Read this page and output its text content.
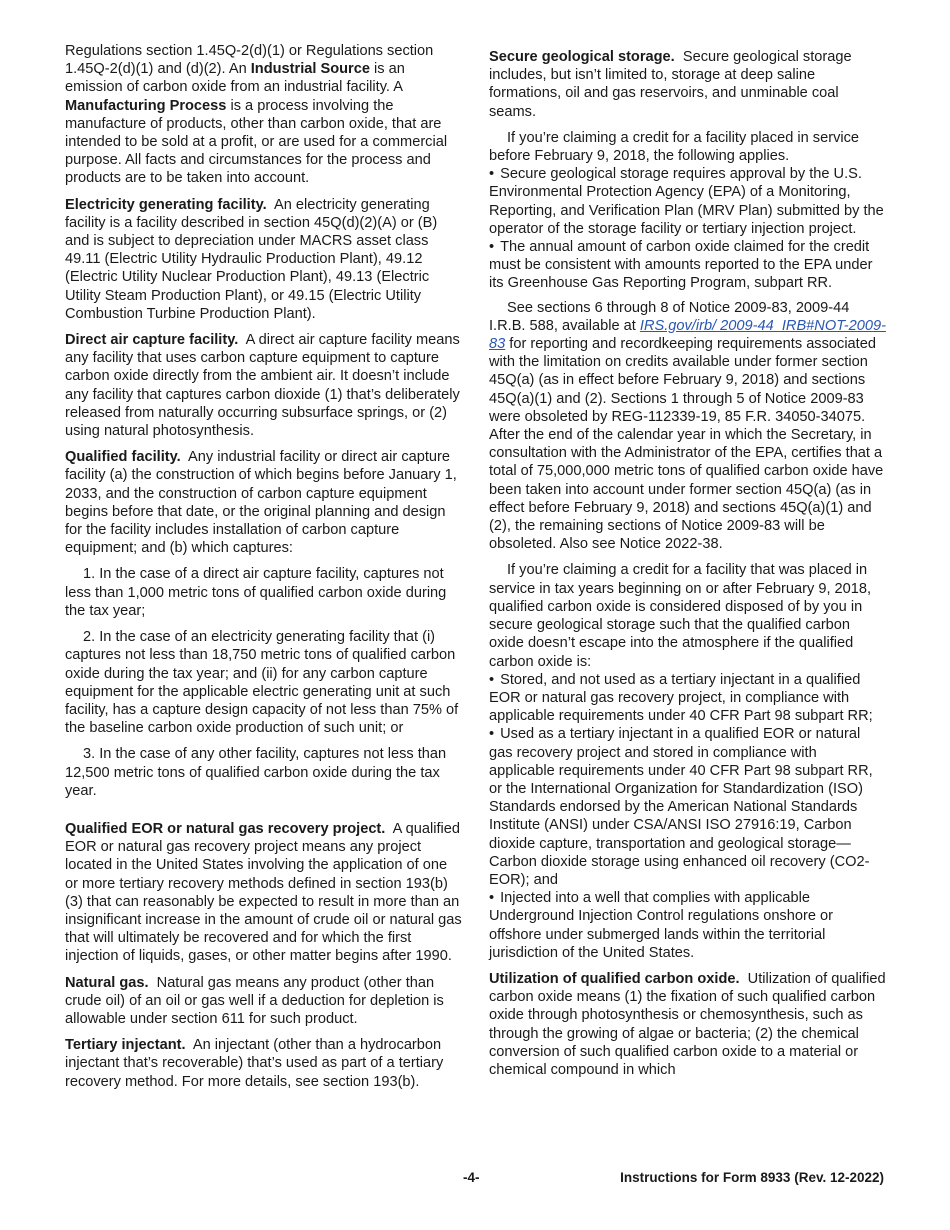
Regulations section 1.45Q-2(d)(1) or Regulations section 1.45Q-2(d)(1) and (d)(2). An Industrial Source is an emission of carbon oxide from an industrial facility. A Manufacturing Process is a process involving the manufacture of products, other than carbon oxide, that are intended to be sold at a profit, or are used for a commercial purpose. All facts and circumstances for the process and products are to be taken into account.

Electricity generating facility. An electricity generating facility is a facility described in section 45Q(d)(2)(A) or (B) and is subject to depreciation under MACRS asset class 49.11 (Electric Utility Hydraulic Production Plant), 49.12 (Electric Utility Nuclear Production Plant), 49.13 (Electric Utility Steam Production Plant), or 49.15 (Electric Utility Combustion Turbine Production Plant).

Direct air capture facility. A direct air capture facility means any facility that uses carbon capture equipment to capture carbon oxide directly from the ambient air. It doesn’t include any facility that captures carbon dioxide (1) that’s deliberately released from naturally occurring subsurface springs, or (2) using natural photosynthesis.

Qualified facility. Any industrial facility or direct air capture facility (a) the construction of which begins before January 1, 2033, and the construction of carbon capture equipment begins before that date, or the original planning and design for the facility includes installation of carbon capture equipment; and (b) which captures:

1. In the case of a direct air capture facility, captures not less than 1,000 metric tons of qualified carbon oxide during the tax year;

2. In the case of an electricity generating facility that (i) captures not less than 18,750 metric tons of qualified carbon oxide during the tax year; and (ii) for any carbon capture equipment for the applicable electric generating unit at such facility, has a capture design capacity of not less than 75% of the baseline carbon oxide production of such unit; or

3. In the case of any other facility, captures not less than 12,500 metric tons of qualified carbon oxide during the tax year.

Qualified EOR or natural gas recovery project. A qualified EOR or natural gas recovery project means any project located in the United States involving the application of one or more tertiary recovery methods defined in section 193(b)(3) that can reasonably be expected to result in more than an insignificant increase in the amount of crude oil or natural gas that will ultimately be recovered and for which the first injection of liquids, gases, or other matter begins after 1990.

Natural gas. Natural gas means any product (other than crude oil) of an oil or gas well if a deduction for depletion is allowable under section 611 for such product.

Tertiary injectant. An injectant (other than a hydrocarbon injectant that’s recoverable) that’s used as part of a tertiary recovery method. For more details, see section 193(b).

Secure geological storage. Secure geological storage includes, but isn’t limited to, storage at deep saline formations, oil and gas reservoirs, and unminable coal seams.

If you’re claiming a credit for a facility placed in service before February 9, 2018, the following applies.

• Secure geological storage requires approval by the U.S. Environmental Protection Agency (EPA) of a Monitoring, Reporting, and Verification Plan (MRV Plan) submitted by the operator of the storage facility or tertiary injection project.

• The annual amount of carbon oxide claimed for the credit must be consistent with amounts reported to the EPA under its Greenhouse Gas Reporting Program, subpart RR.

See sections 6 through 8 of Notice 2009-83, 2009-44 I.R.B. 588, available at IRS.gov/irb/ 2009-44_IRB#NOT-2009-83 for reporting and recordkeeping requirements associated with the limitation on credits available under former section 45Q(a) (as in effect before February 9, 2018) and sections 45Q(a)(1) and (2). Sections 1 through 5 of Notice 2009-83 were obsoleted by REG-112339-19, 85 F.R. 34050-34075. After the end of the calendar year in which the Secretary, in consultation with the Administrator of the EPA, certifies that a total of 75,000,000 metric tons of qualified carbon oxide have been taken into account under former section 45Q(a) (as in effect before February 9, 2018) and sections 45Q(a)(1) and (2), the remaining sections of Notice 2009-83 will be obsoleted. Also see Notice 2022-38.

If you’re claiming a credit for a facility that was placed in service in tax years beginning on or after February 9, 2018, qualified carbon oxide is considered disposed of by you in secure geological storage such that the qualified carbon oxide doesn’t escape into the atmosphere if the qualified carbon oxide is:

• Stored, and not used as a tertiary injectant in a qualified EOR or natural gas recovery project, in compliance with applicable requirements under 40 CFR Part 98 subpart RR;

• Used as a tertiary injectant in a qualified EOR or natural gas recovery project and stored in compliance with applicable requirements under 40 CFR Part 98 subpart RR, or the International Organization for Standardization (ISO) Standards endorsed by the American National Standards Institute (ANSI) under CSA/ANSI ISO 27916:19, Carbon dioxide capture, transportation and geological storage—Carbon dioxide storage using enhanced oil recovery (CO2-EOR); and

• Injected into a well that complies with applicable Underground Injection Control regulations onshore or offshore under submerged lands within the territorial jurisdiction of the United States.

Utilization of qualified carbon oxide. Utilization of qualified carbon oxide means (1) the fixation of such qualified carbon oxide through photosynthesis or chemosynthesis, such as through the growing of algae or bacteria; (2) the chemical conversion of such qualified carbon oxide to a material or chemical compound in which

-4-	Instructions for Form 8933 (Rev. 12-2022)
